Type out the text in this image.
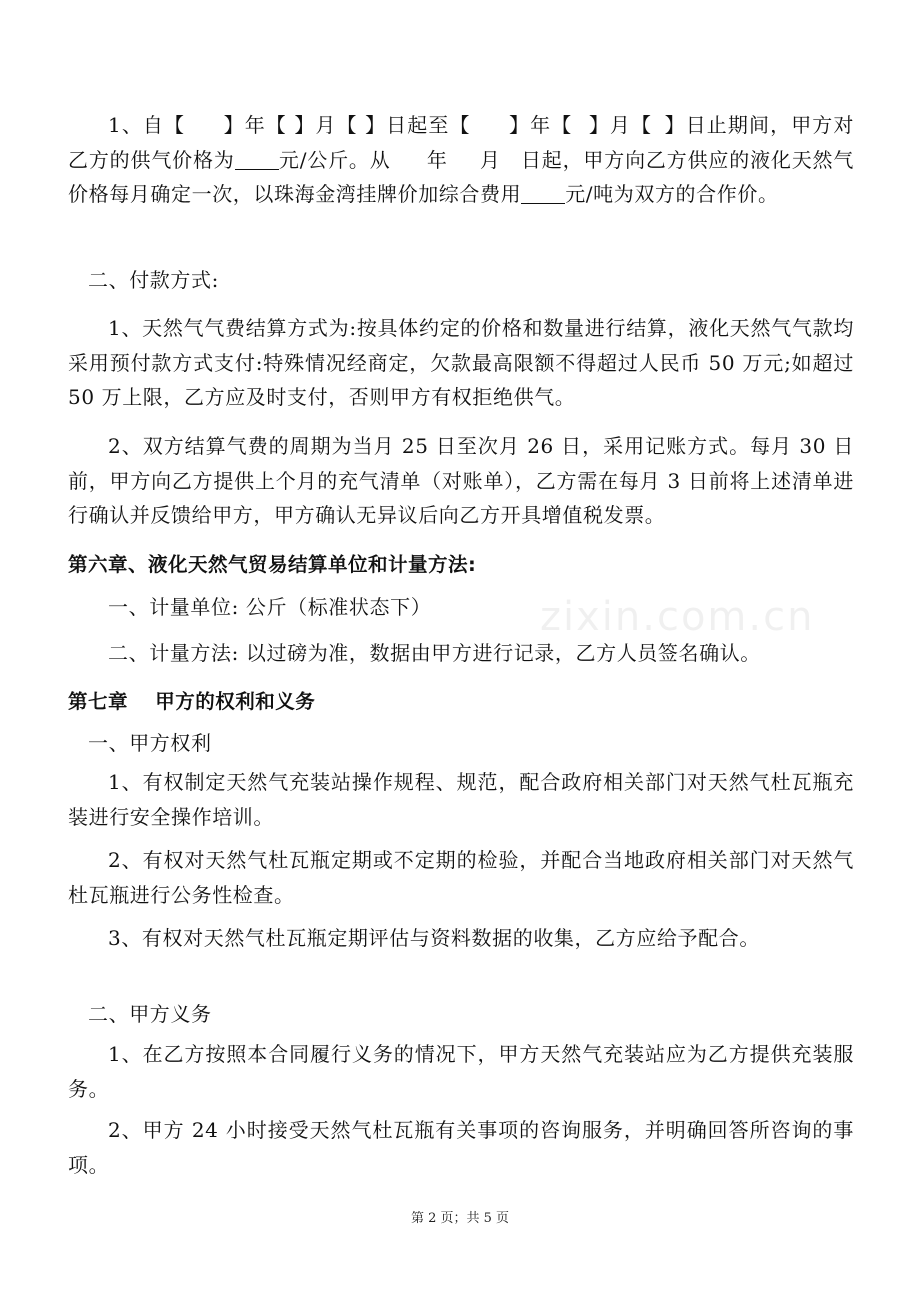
zixin.com.cn
1、自【 】年【 】月【 】日起至【 】年【 】月【 】日止期间，甲方对乙方的供气价格为 元/公斤。从 年 月 日起，甲方向乙方供应的液化天然气价格每月确定一次，以珠海金湾挂牌价加综合费用 元/吨为双方的合作价。
二、付款方式:
1、天然气气费结算方式为:按具体约定的价格和数量进行结算，液化天然气气款均采用预付款方式支付:特殊情况经商定，欠款最高限额不得超过人民币 50 万元;如超过 50 万上限，乙方应及时支付，否则甲方有权拒绝供气。
2、双方结算气费的周期为当月 25 日至次月 26 日，采用记账方式。每月 30 日前，甲方向乙方提供上个月的充气清单（对账单），乙方需在每月 3 日前将上述清单进行确认并反馈给甲方，甲方确认无异议后向乙方开具增值税发票。
第六章、液化天然气贸易结算单位和计量方法:
一、计量单位: 公斤（标准状态下）
二、计量方法: 以过磅为准，数据由甲方进行记录，乙方人员签名确认。
第七章　 甲方的权利和义务
一、甲方权利
1、有权制定天然气充装站操作规程、规范，配合政府相关部门对天然气杜瓦瓶充装进行安全操作培训。
2、有权对天然气杜瓦瓶定期或不定期的检验，并配合当地政府相关部门对天然气杜瓦瓶进行公务性检查。
3、有权对天然气杜瓦瓶定期评估与资料数据的收集，乙方应给予配合。
二、甲方义务
1、在乙方按照本合同履行义务的情况下，甲方天然气充装站应为乙方提供充装服务。
2、甲方 24 小时接受天然气杜瓦瓶有关事项的咨询服务，并明确回答所咨询的事项。
第 2 页；共 5 页
